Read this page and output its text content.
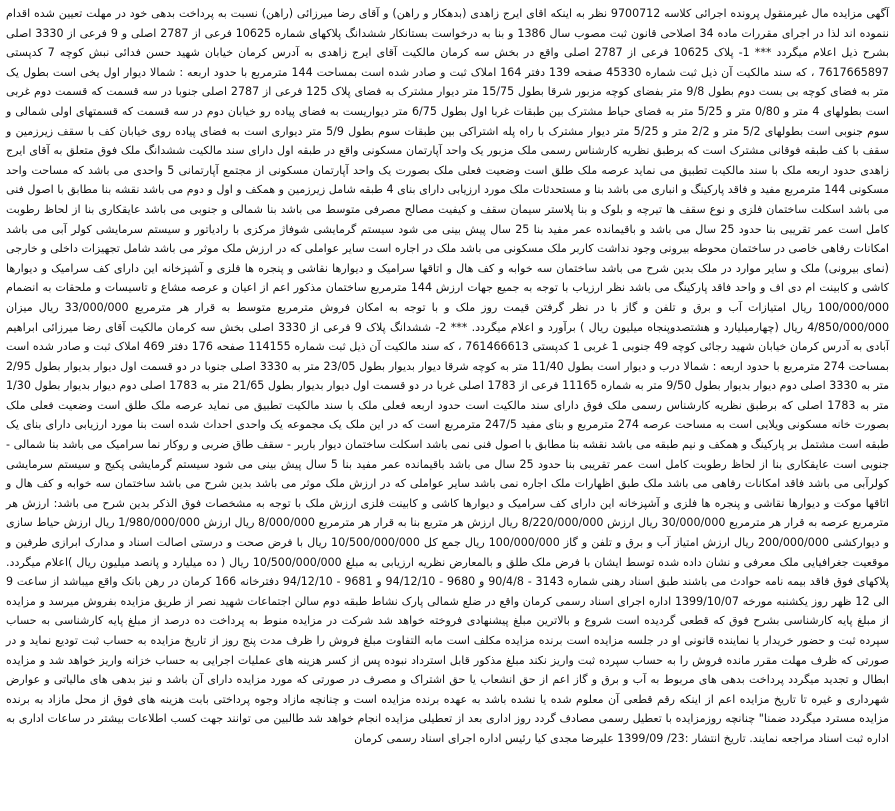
آگهی مزایده مال غیرمنقول پرونده اجرائی کلاسه 9700712 نظر به اینکه اقای ایرج زاهدی (بدهکار و راهن) و آقای رضا میرزائی (راهن) نسبت به پرداخت بدهی خود در مهلت تعیین شده اقدام ننموده اند لذا در اجرای مقررات ماده 34 اصلاحی قانون ثبت مصوب سال 1386 و بنا به درخواست بستانکار ششدانگ پلاکهای شماره 10625 فرعی از 2787 اصلی و 9 فرعی از 3330 اصلی بشرح ذیل اعلام میگردد *** 1- پلاک 10625 فرعی از 2787 اصلی واقع در بخش سه کرمان مالکیت آقای ایرج زاهدی به آدرس کرمان خیابان شهید حسن فدائی نبش کوچه 7 کدپستی 7617665897 ، که سند مالکیت آن ذیل ثبت شماره 45330 صفحه 139 دفتر 164 املاک ثبت و صادر شده است بمساحت 144 مترمربع با حدود اربعه : شمالا دیوار اول یخی است بطول یک متر به فضای کوچه بی بست دوم بطول 9/8 متر بفضای کوچه مزبور شرقا بطول 15/75 متر دیوار مشترک به فضای پلاک 125 فرعی از 2787 اصلی جنوبا در سه قسمت که قسمت دوم غربی است بطولهای 4 متر و 0/80 متر و 5/25 متر به فضای حیاط مشترک بین طبقات غربا اول بطول 6/75 متر دیواریست به فضای پیاده رو خیابان دوم در سه قسمت که قسمتهای اولی شمالی و سوم جنوبی است بطولهای 5/2 متر و 2/2 متر و 5/25 متر دیوار مشترک با راه پله اشتراکی بین طبقات سوم بطول 5/9 متر دیواری است به فضای پیاده روی خیابان کف با سقف زیرزمین و سقف با کف طبقه فوقانی مشترک است که برطبق نظریه کارشناس رسمی ملک مزبور یک واحد آپارتمان مسکونی واقع در طبقه اول دارای سند مالکیت ششدانگ ملک فوق متعلق به آقای ایرج زاهدی حدود اربعه ملک با سند مالکیت تطبیق می نماید عرصه ملک طلق است وضعیت فعلی ملک بصورت یک واحد آپارتمان مسکونی از مجتمع آپارتمانی 5 واحدی می باشد که مساحت واحد مسکونی 144 مترمربع مفید و فاقد پارکینگ و انباری می باشد بنا و مستحدثات ملک مورد ارزیابی دارای بنای 4 طبقه شامل زیرزمین و همکف و اول و دوم می باشد نقشه بنا مطابق با اصول فنی می باشد اسکلت ساختمان فلزی و نوع سقف ها تیرچه و بلوک و بنا پلاستر سیمان سقف و کیفیت مصالح مصرفی متوسط می باشد بنا شمالی و جنوبی می باشد عایقکاری بنا از لحاظ رطوبت کامل است عمر تقریبی بنا حدود 25 سال می باشد و باقیمانده عمر مفید بنا 25 سال پیش بینی می شود سیستم گرمایشی شوفاژ مرکزی با رادیاتور و سیستم سرمایشی کولر آبی می باشد امکانات رفاهی خاصی در ساختمان محوطه بیرونی وجود نداشت کاربر ملک مسکونی می باشد ملک در اجاره است سایر عواملی که در ارزش ملک موثر می باشد شامل تجهیزات داخلی و خارجی (نمای بیرونی) ملک و سایر موارد در ملک بدین شرح می باشد ساختمان سه خوابه و کف هال و اتاقها سرامیک و دیوارها نقاشی و پنجره ها فلزی و آشپزخانه این دارای کف سرامیک و دیوارها کاشی و کابینت ام دی اف و واحد فاقد پارکینگ می باشد نظر ارزیاب با توجه به جمیع جهات ارزش 144 مترمربع ساختمان مذکور اعم از اعیان و عرصه مشاع و تاسیسات و ملحقات به انضمام 100/000/000 ریال امتیازات آب و برق و تلفن و گاز با در نظر گرفتن قیمت روز ملک و با توجه به امکان فروش مترمربع متوسط به قرار هر مترمربع 33/000/000 ریال میزان 4/850/000/000 ریال (چهارمیلیارد و هشتصدوپنجاه میلیون ریال ) برآورد و اعلام میگردد. *** 2- ششدانگ پلاک 9 فرعی از 3330 اصلی بخش سه کرمان مالکیت آقای رضا میرزائی ابراهیم آبادی به آدرس کرمان خیابان شهید رجائی کوچه 49 جنوبی 1 غربی 1 کدپستی 761466613 ، که سند مالکیت آن ذیل ثبت شماره 114155 صفحه 176 دفتر 469 املاک ثبت و صادر شده است بمساحت 274 مترمربع با حدود اربعه : شمالا درب و دیوار است بطول 11/40 متر به کوچه شرقا دیوار بدیوار بطول 23/05 متر به 3330 اصلی جنوبا در دو قسمت اول دیوار بدیوار بطول 2/95 متر به 3330 اصلی دوم دیوار بدیوار بطول 9/50 متر به شماره 11165 فرعی از 1783 اصلی غربا در دو قسمت اول دیوار بدیوار بطول 21/65 متر به 1783 اصلی دوم دیوار بدیوار بطول 1/30 متر به 1783 اصلی که برطبق نظریه کارشناس رسمی ملک فوق دارای سند مالکیت است حدود اربعه فعلی ملک با سند مالکیت تطبیق می نماید عرصه ملک طلق است وضعیت فعلی ملک بصورت خانه مسکونی ویلایی است به مساحت عرصه 274 مترمربع و بنای مفید 247/5 مترمربع است که در این ملک یک مجموعه یک واحدی احداث شده است بنا مورد ارزیابی دارای بنای یک طبقه است مشتمل بر پارکینگ و همکف و نیم طبقه می باشد نقشه بنا مطابق با اصول فنی نمی باشد اسکلت ساختمان دیوار باربر - سقف طاق ضربی و روکار نما سرامیک می باشد بنا شمالی - جنوبی است عایقکاری بنا از لحاظ رطوبت کامل است عمر تقریبی بنا حدود 25 سال می باشد باقیمانده عمر مفید بنا 5 سال پیش بینی می شود سیستم گرمایشی پکیج و سیستم سرمایشی کولرآبی می باشد فاقد امکانات رفاهی می باشد ملک طبق اظهارات ملک اجاره نمی باشد سایر عواملی که در ارزش ملک موثر می باشد بدین شرح می باشد ساختمان سه خوابه و کف هال و اتاقها موکت و دیوارها نقاشی و پنجره ها فلزی و آشپزخانه این دارای کف سرامیک و دیوارها کاشی و کابینت فلزی ارزش ملک با توجه به مشخصات فوق الذکر بدین شرح می باشد: ارزش هر مترمربع عرصه به قرار هر مترمربع 30/000/000 ریال ارزش 8/220/000/000 ریال ارزش هر متربع بنا به قرار هر مترمربع 8/000/000 ریال ارزش 1/980/000/000 ریال ارزش حیاط سازی و دیوارکشی 200/000/000 ریال ارزش امتیاز آب و برق و تلفن و گاز 100/000/000 ریال جمع کل 10/500/000/000 ریال با فرض صحت و درستی اصالت اسناد و مدارک ابرازی طرفین و موقعیت جغرافیایی ملک معرفی و نشان داده شده توسط ایشان با فرض ملک طلق و بالمعارض نظریه ارزیابی به مبلغ 10/500/000/000 ریال ( ده میلیارد و پانصد میلیون ریال )اعلام میگردد. پلاکهای فوق فاقد بیمه نامه حوادث می باشند طبق اسناد رهنی شماره 3143 - 90/4/8 و 9680 - 94/12/10 و 9681 - 94/12/10 دفترخانه 166 کرمان در رهن بانک واقع میباشد از ساعت 9 الی 12 ظهر روز یکشنبه مورخه 1399/10/07 اداره اجرای اسناد رسمی کرمان واقع در ضلع شمالی پارک نشاط طبقه دوم سالن اجتماعات شهید نصر از طریق مزایده بفروش میرسد و مزایده از مبلغ پایه کارشناسی بشرح فوق که قطعی گردیده است شروع و بالاترین مبلغ پیشنهادی فروخته خواهد شد شرکت در مزایده منوط به پرداخت ده درصد از مبلغ پایه کارشناسی به حساب سپرده ثبت و حضور خریدار یا نماینده قانونی او در جلسه مزایده است برنده مزایده مکلف است مابه التفاوت مبلغ فروش را ظرف مدت پنج روز از تاریخ مزایده به حساب ثبت تودیع نماید و در صورتی که ظرف مهلت مقرر مانده فروش را به حساب سپرده ثبت واریز نکند مبلغ مذکور قابل استرداد نبوده پس از کسر هزینه های عملیات اجرایی به حساب خزانه واریز خواهد شد و مزایده ابطال و تجدید میگردد پرداخت بدهی های مربوط به آب و برق و گاز اعم از حق انشعاب یا حق اشتراک و مصرف در صورتی که مورد مزایده دارای آن باشد و نیز بدهی های مالیاتی و عوارض شهرداری و غیره تا تاریخ مزایده اعم از اینکه رقم قطعی آن معلوم شده یا نشده باشد به عهده برنده مزایده است و چنانچه مازاد وجوه پرداختی بابت هزینه های فوق از محل مازاد به برنده مزایده مسترد میگردد ضمنا" چنانچه روزمزایده با تعطیل رسمی مصادف گردد روز اداری بعد از تعطیلی مزایده انجام خواهد شد طالبین می توانند جهت کسب اطلاعات بیشتر در ساعات اداری به اداره ثبت اسناد مراجعه نمایند. تاریخ انتشار :23/ 1399/09 علیرضا مجدی کیا رئیس اداره اجرای اسناد رسمی کرمان
